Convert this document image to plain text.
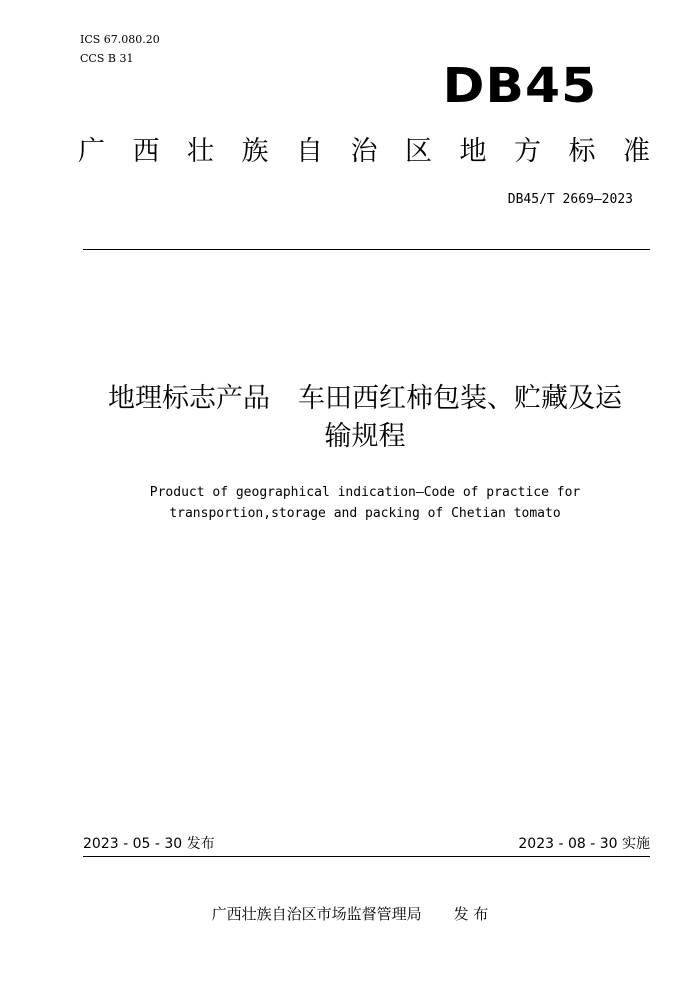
ICS 67.080.20
CCS B 31	DB45
广 西 壮 族 自 治 区 地 方 标 准
DB45/T 2669—2023
地理标志产品 车田西红柿包装、贮藏及运
输规程
Product of geographical indication—Code of practice for
transportion,storage and packing of Chetian tomato
2023 - 05 - 30 发布	2023 - 08 - 30 实施
广西壮族自治区市场监督管理局 发 布
